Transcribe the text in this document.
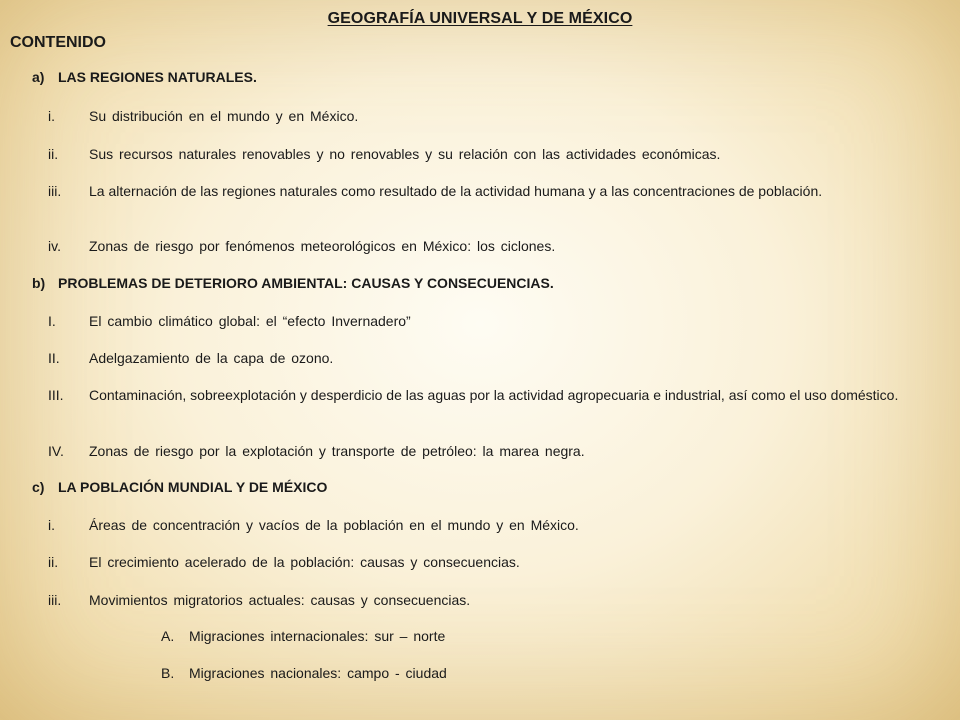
GEOGRAFÍA UNIVERSAL Y DE MÉXICO
CONTENIDO
a) LAS REGIONES NATURALES.
i.	Su distribución en el mundo y en México.
ii.	Sus recursos naturales renovables y no renovables y su relación con las actividades económicas.
iii.	La alternación de las regiones naturales como resultado de la actividad humana y a las concentraciones de población.
iv.	Zonas de riesgo por fenómenos meteorológicos en México: los ciclones.
b) PROBLEMAS DE DETERIORO AMBIENTAL: CAUSAS Y CONSECUENCIAS.
I.	El cambio climático global: el “efecto Invernadero”
II.	Adelgazamiento de la capa de ozono.
III.	Contaminación, sobreexplotación y desperdicio de las aguas por la actividad agropecuaria e industrial, así como el uso doméstico.
IV.	Zonas de riesgo por la explotación y transporte de petróleo: la marea negra.
c) LA POBLACIÓN MUNDIAL Y DE MÉXICO
i.	Áreas de concentración y vacíos de la población en el mundo y en México.
ii.	El crecimiento acelerado de la población: causas y consecuencias.
iii.	Movimientos migratorios actuales: causas y consecuencias.
A. Migraciones internacionales: sur – norte
B. Migraciones nacionales: campo - ciudad
